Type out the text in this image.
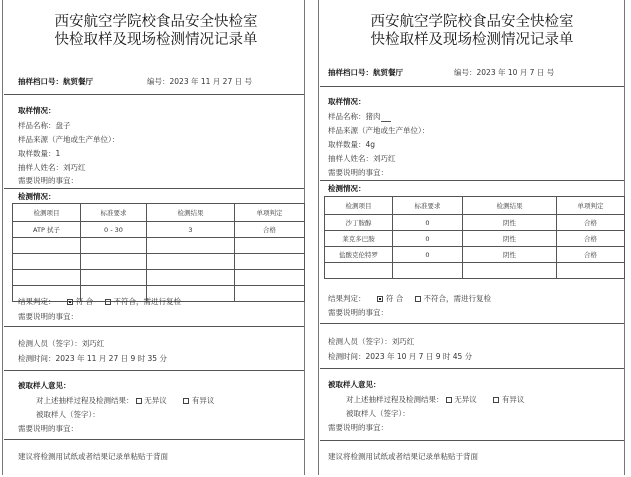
西安航空学院校食品安全快检室
快检取样及现场检测情况记录单
抽样档口号：航贸餐厅	编号：2023 年 11 月 27 日 号
取样情况：
样品名称：盘子
样品来源（产地或生产单位）：
取样数量：1
抽样人姓名：刘巧红
需要说明的事宜：
检测情况：
检测项目	标准要求	检测结果	单项判定
ATP 拭子	0 - 30	3	合格

结果判定：	符 合	不符合，需进行复检
需要说明的事宜：
检测人员（签字）：刘巧红
检测时间：2023 年 11 月 27 日 9 时 35 分
被取样人意见：
对上述抽样过程及检测结果： 无异议	有异议
被取样人（签字）：
需要说明的事宜：
建议将检测用试纸或者结果记录单粘贴于背面
西安航空学院校食品安全快检室
快检取样及现场检测情况记录单
抽样档口号：航贸餐厅	编号：2023 年 10 月 7 日 号
取样情况：
样品名称：猪肉
样品来源（产地或生产单位）：
取样数量：4g
抽样人姓名：刘巧红
需要说明的事宜：
检测情况：
检测项目	标准要求	检测结果	单项判定
沙丁胺醇	0	阴性	合格
莱克多巴胺	0	阴性	合格
盐酸克伦特罗	0	阴性	合格

结果判定：	符 合	不符合，需进行复检
需要说明的事宜：
检测人员（签字）：刘巧红
检测时间：2023 年 10 月 7 日 9 时 45 分
被取样人意见：
对上述抽样过程及检测结果： 无异议	有异议
被取样人（签字）：
需要说明的事宜：
建议将检测用试纸或者结果记录单粘贴于背面
